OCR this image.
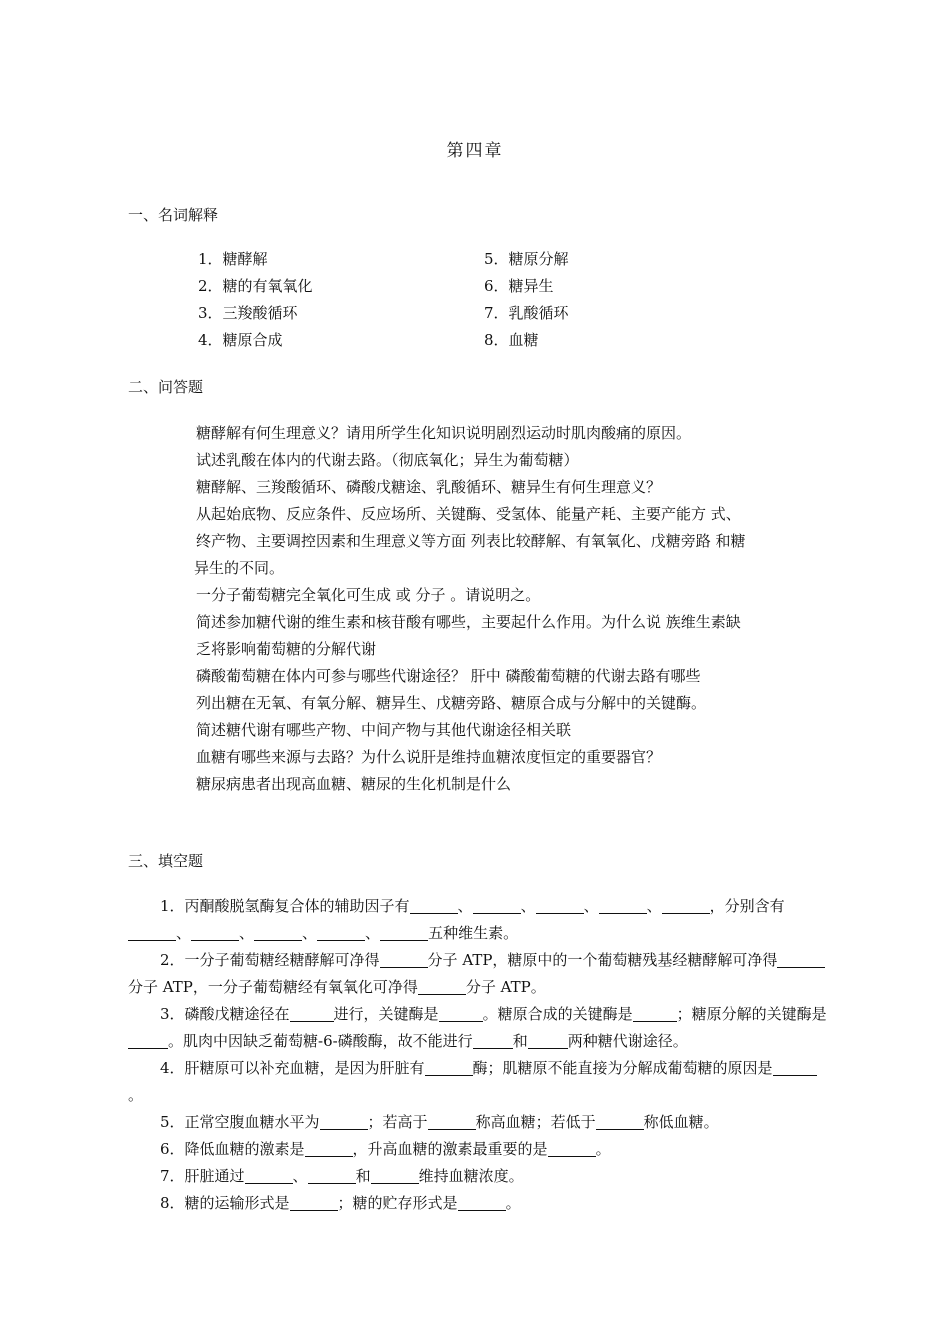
第四章
一、名词解释
1．糖酵解
2．糖的有氧氧化
3．三羧酸循环
4．糖原合成
5．糖原分解
6．糖异生
7．乳酸循环
8．血糖
二、问答题
糖酵解有何生理意义？请用所学生化知识说明剧烈运动时肌肉酸痛的原因。
试述乳酸在体内的代谢去路。（彻底氧化；异生为葡萄糖）
糖酵解、三羧酸循环、磷酸戊糖途、乳酸循环、糖异生有何生理意义？
从起始底物、反应条件、反应场所、关键酶、受氢体、能量产耗、主要产能方 式、
终产物、主要调控因素和生理意义等方面 列表比较酵解、有氧氧化、戊糖旁路 和糖
异生的不同。
一分子葡萄糖完全氧化可生成 或 分子 。请说明之。
简述参加糖代谢的维生素和核苷酸有哪些，主要起什么作用。为什么说 族维生素缺
乏将影响葡萄糖的分解代谢
磷酸葡萄糖在体内可参与哪些代谢途径？ 肝中 磷酸葡萄糖的代谢去路有哪些
列出糖在无氧、有氧分解、糖异生、戊糖旁路、糖原合成与分解中的关键酶。
简述糖代谢有哪些产物、中间产物与其他代谢途径相关联
血糖有哪些来源与去路？为什么说肝是维持血糖浓度恒定的重要器官？
糖尿病患者出现高血糖、糖尿的生化机制是什么
三、填空题

1．丙酮酸脱氢酶复合体的辅助因子有	、	、	、	、	，分别含有、	、	、	、	五种维生素。

2．一分子葡萄糖经糖酵解可净得	分子 ATP，糖原中的一个葡萄糖残基经糖酵解可净得分子 ATP，一分子葡萄糖经有氧氧化可净得	分子 ATP。

3．磷酸戊糖途径在	进行，关键酶是	。糖原合成的关键酶是	；糖原分解的关键酶是。肌肉中因缺乏葡萄糖-6-磷酸酶，故不能进行	和	两种糖代谢途径。

4．肝糖原可以补充血糖，是因为肝脏有	酶；肌糖原不能直接为分解成葡萄糖的原因是。

5．正常空腹血糖水平为	；若高于	称高血糖；若低于	称低血糖。

6．降低血糖的激素是	，升高血糖的激素最重要的是	。

7．肝脏通过	、	和	维持血糖浓度。

8．糖的运输形式是	；糖的贮存形式是	。
